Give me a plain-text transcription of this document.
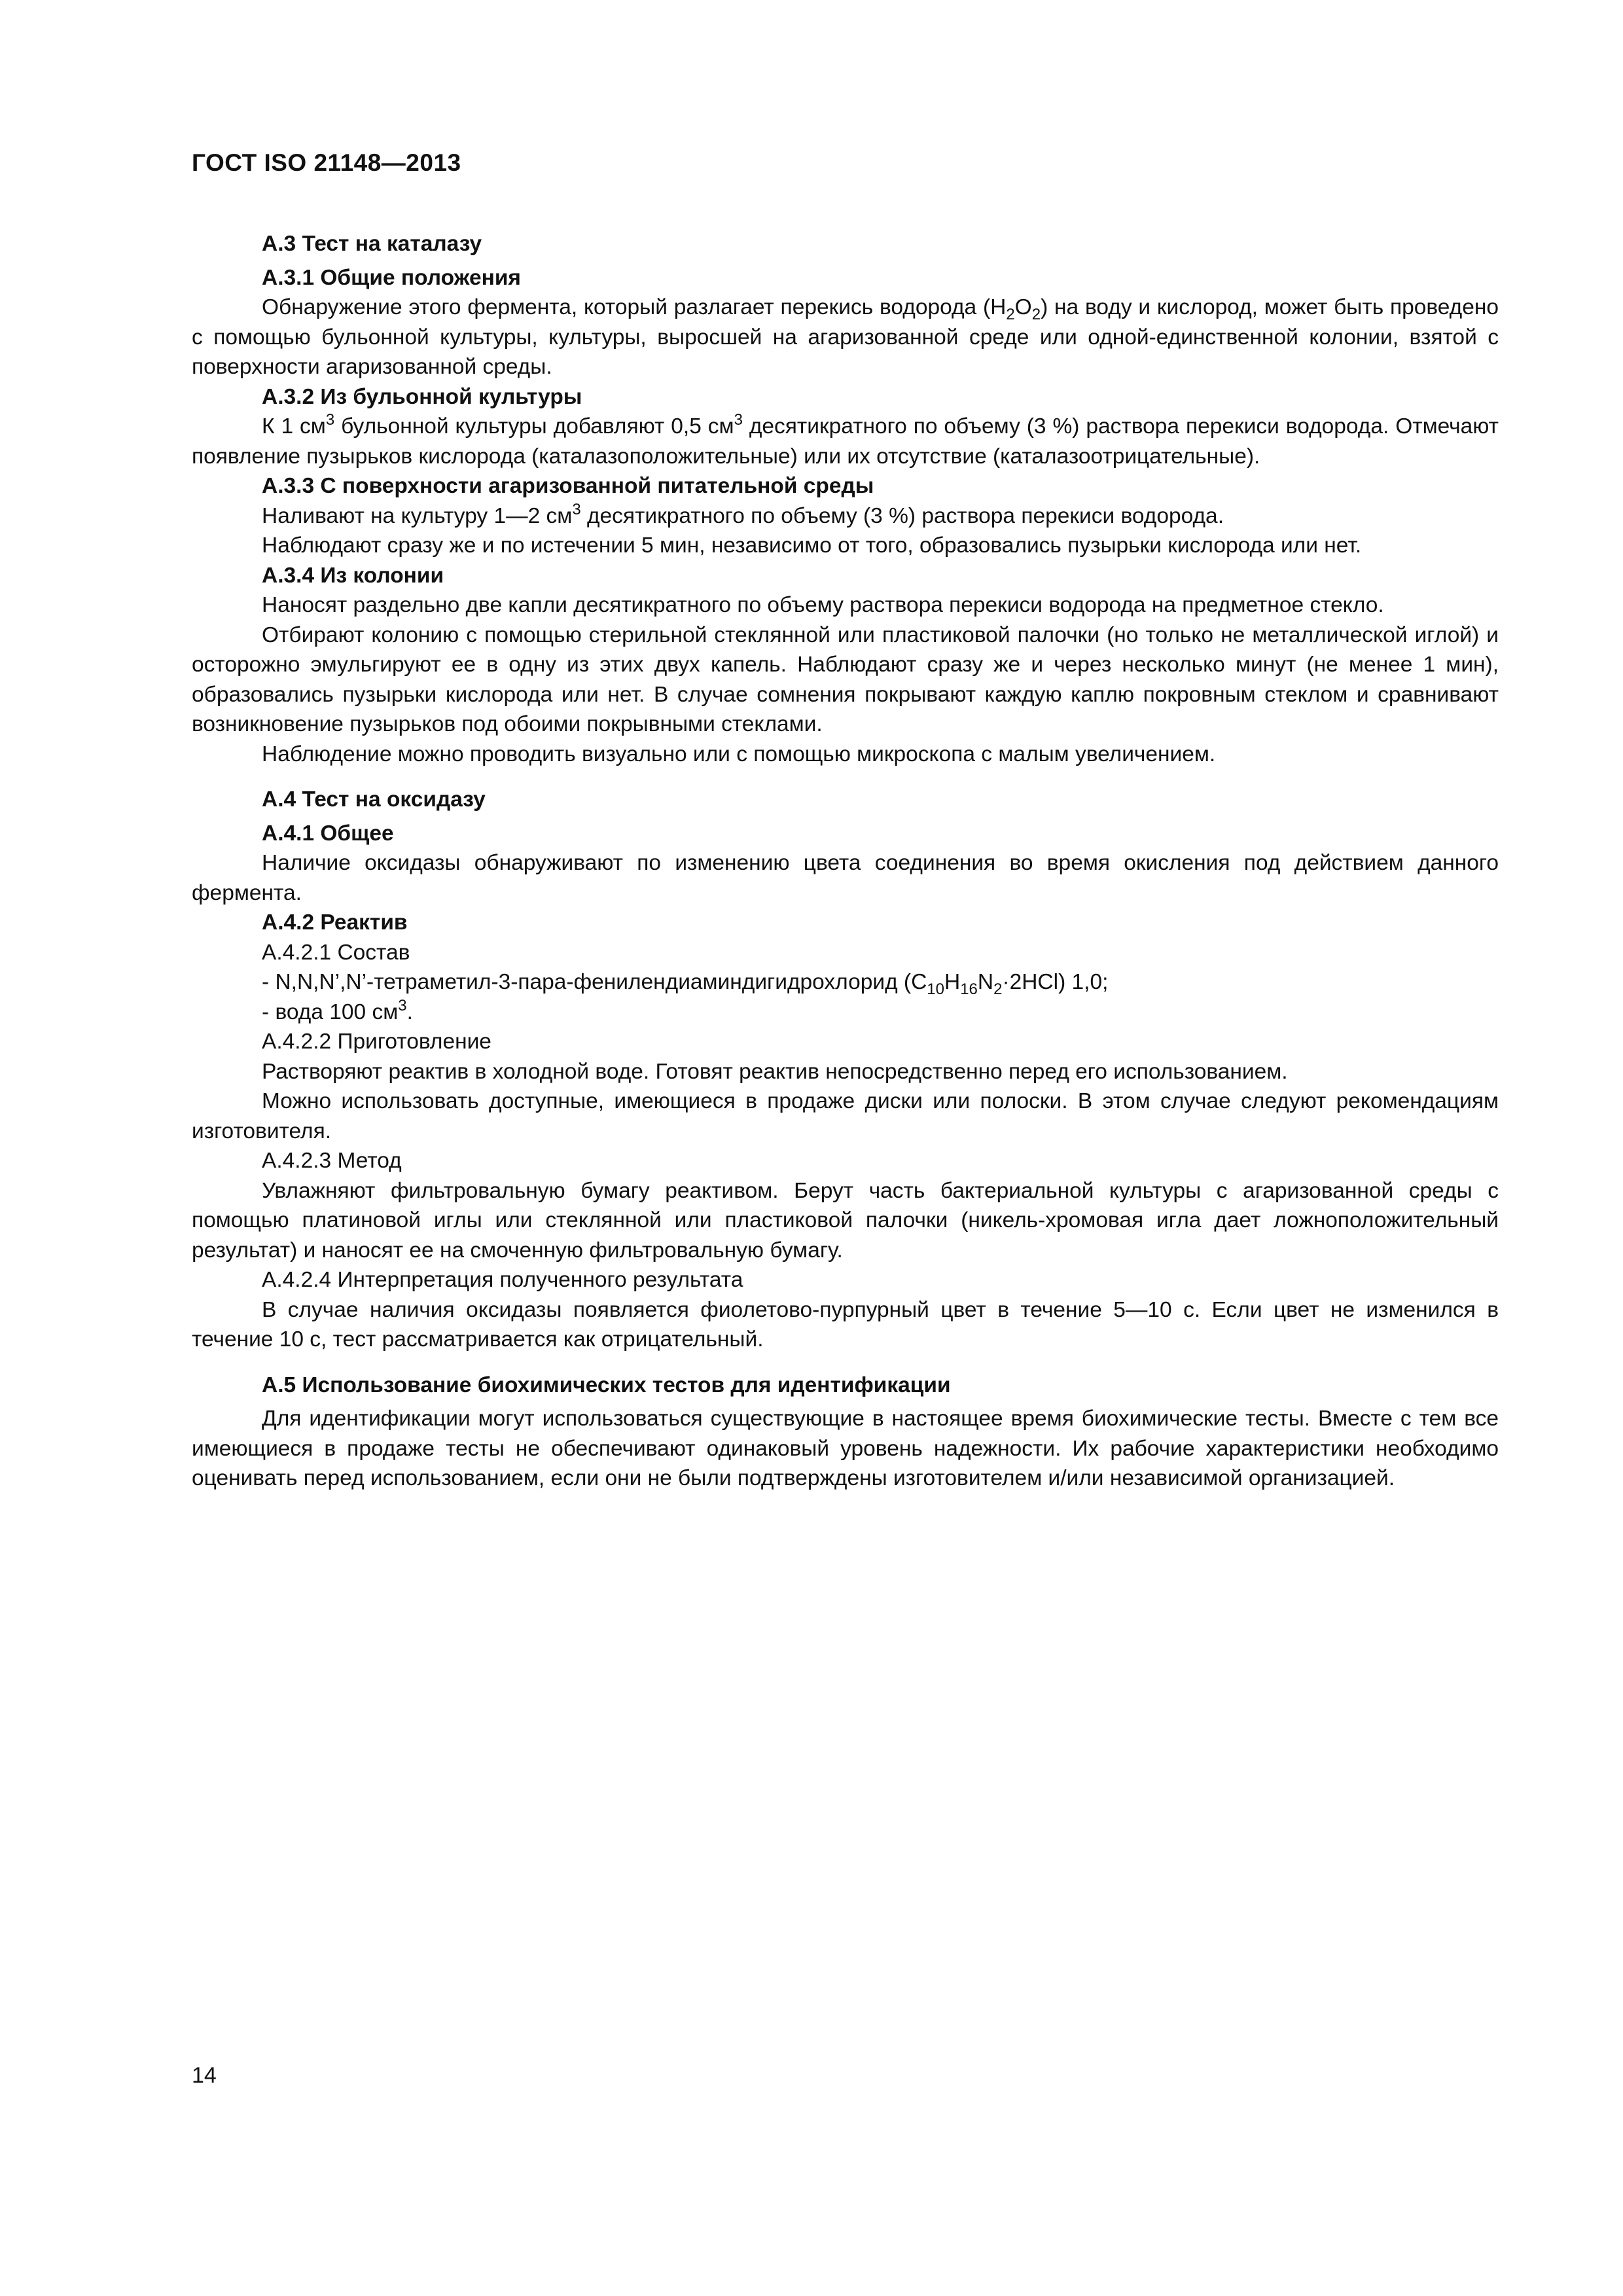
ГОСТ ISO 21148—2013
А.3 Тест на каталазу
А.3.1 Общие положения

Обнаружение этого фермента, который разлагает перекись водорода $(H_2O_2)$ на воду и кислород, может быть проведено с помощью бульонной культуры, культуры, выросшей на агаризованной среде или одной-единственной колонии, взятой с поверхности агаризованной среды.

А.3.2 Из бульонной культуры

К 1 $см^3$ бульонной культуры добавляют 0,5 $см^3$ десятикратного по объему (3 %) раствора перекиси водорода. Отмечают появление пузырьков кислорода (каталазоположительные) или их отсутствие (каталазоотрицательные).

А.3.3 С поверхности агаризованной питательной среды

Наливают на культуру 1—2 $см^3$ десятикратного по объему (3 %) раствора перекиси водорода.

Наблюдают сразу же и по истечении 5 мин, независимо от того, образовались пузырьки кислорода или нет.

А.3.4 Из колонии

Наносят раздельно две капли десятикратного по объему раствора перекиси водорода на предметное стекло.

Отбирают колонию с помощью стерильной стеклянной или пластиковой палочки (но только не металлической иглой) и осторожно эмульгируют ее в одну из этих двух капель. Наблюдают сразу же и через несколько минут (не менее 1 мин), образовались пузырьки кислорода или нет. В случае сомнения покрывают каждую каплю покровным стеклом и сравнивают возникновение пузырьков под обоими покрывными стеклами.

Наблюдение можно проводить визуально или с помощью микроскопа с малым увеличением.

А.4 Тест на оксидазу
А.4.1 Общее

Наличие оксидазы обнаруживают по изменению цвета соединения во время окисления под действием данного фермента.

А.4.2 Реактив

А.4.2.1 Состав

- N,N,N’,N’-тетраметил-3-пара-фенилендиаминдигидрохлорид $(C_{10}H_{16}N_2\cdot 2HCl)$ 1,0;

- вода 100 $см^3$.

А.4.2.2 Приготовление

Растворяют реактив в холодной воде. Готовят реактив непосредственно перед его использованием.

Можно использовать доступные, имеющиеся в продаже диски или полоски. В этом случае следуют рекомендациям изготовителя.

А.4.2.3 Метод

Увлажняют фильтровальную бумагу реактивом. Берут часть бактериальной культуры с агаризованной среды с помощью платиновой иглы или стеклянной или пластиковой палочки (никель-хромовая игла дает ложноположительный результат) и наносят ее на смоченную фильтровальную бумагу.

А.4.2.4 Интерпретация полученного результата

В случае наличия оксидазы появляется фиолетово-пурпурный цвет в течение 5—10 с. Если цвет не изменился в течение 10 с, тест рассматривается как отрицательный.

А.5 Использование биохимических тестов для идентификации

Для идентификации могут использоваться существующие в настоящее время биохимические тесты. Вместе с тем все имеющиеся в продаже тесты не обеспечивают одинаковый уровень надежности. Их рабочие характеристики необходимо оценивать перед использованием, если они не были подтверждены изготовителем и/или независимой организацией.

14
